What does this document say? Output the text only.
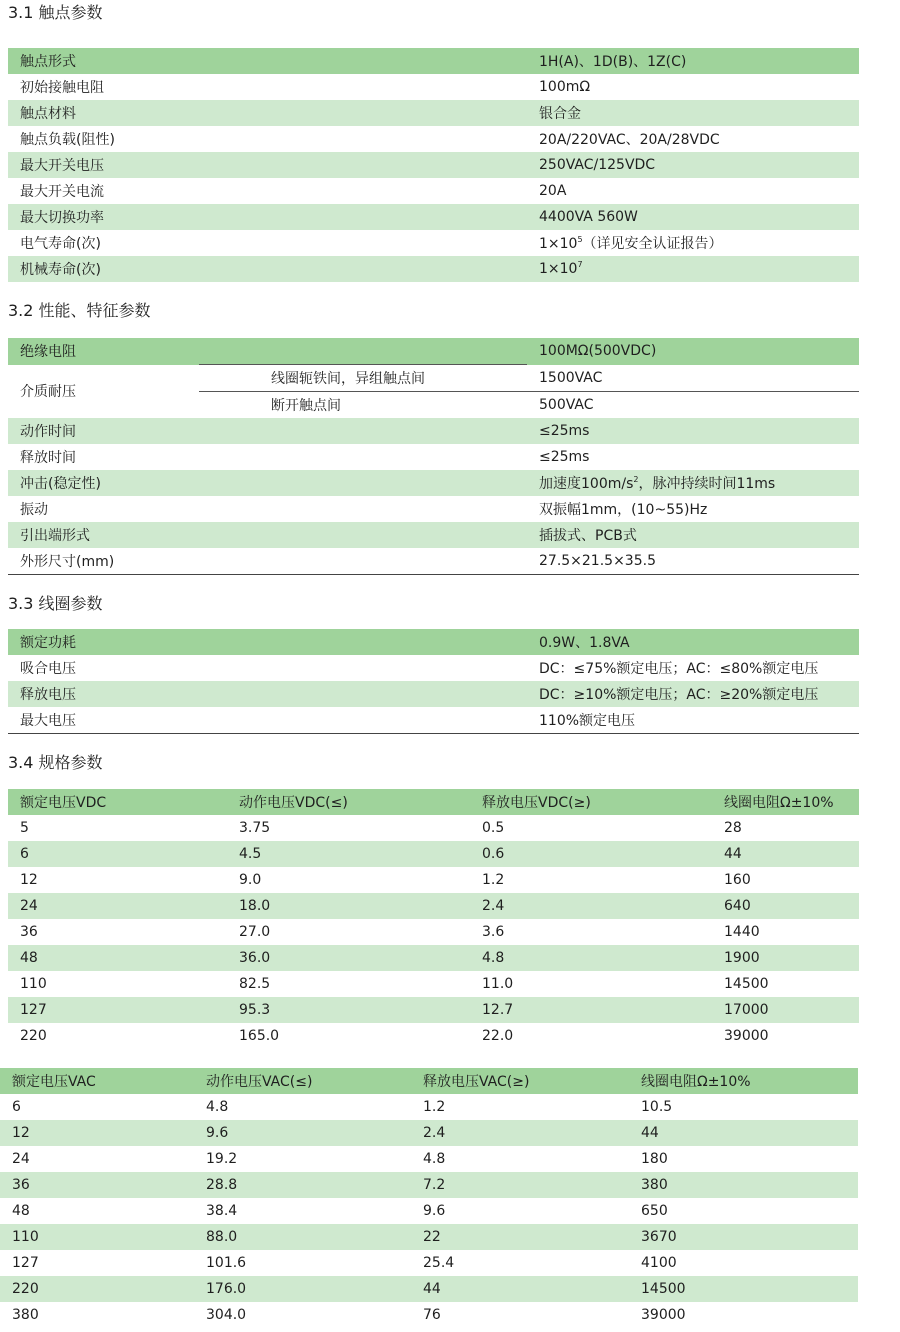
3.1 触点参数
触点形式	1H(A)、1D(B)、1Z(C)
初始接触电阻	100mΩ
触点材料	银合金
触点负载(阻性)	20A/220VAC、20A/28VDC
最大开关电压	250VAC/125VDC
最大开关电流	20A
最大切换功率	4400VA 560W
电气寿命(次)	$1\times 10^5$（详见安全认证报告）
机械寿命(次)	$1\times 10^7$
3.2 性能、特征参数
绝缘电阻		100MΩ(500VDC)
介质耐压	线圈轭铁间，异组触点间	1500VAC
	断开触点间	500VAC
动作时间		≤25ms
释放时间		≤25ms
冲击(稳定性)		加速度$100m/s^2$，脉冲持续时间11ms
振动		双振幅1mm，(10~55)Hz
引出端形式		插拔式、PCB式
外形尺寸(mm)		27.5×21.5×35.5
3.3 线圈参数
额定功耗	0.9W、1.8VA
吸合电压	DC：≤75%额定电压；AC：≤80%额定电压
释放电压	DC：≥10%额定电压；AC：≥20%额定电压
最大电压	110%额定电压
3.4 规格参数
额定电压VDC	动作电压VDC(≤)	释放电压VDC(≥)	线圈电阻Ω±10%
5	3.75	0.5	28
6	4.5	0.6	44
12	9.0	1.2	160
24	18.0	2.4	640
36	27.0	3.6	1440
48	36.0	4.8	1900
110	82.5	11.0	14500
127	95.3	12.7	17000
220	165.0	22.0	39000
额定电压VAC	动作电压VAC(≤)	释放电压VAC(≥)	线圈电阻Ω±10%
6	4.8	1.2	10.5
12	9.6	2.4	44
24	19.2	4.8	180
36	28.8	7.2	380
48	38.4	9.6	650
110	88.0	22	3670
127	101.6	25.4	4100
220	176.0	44	14500
380	304.0	76	39000
